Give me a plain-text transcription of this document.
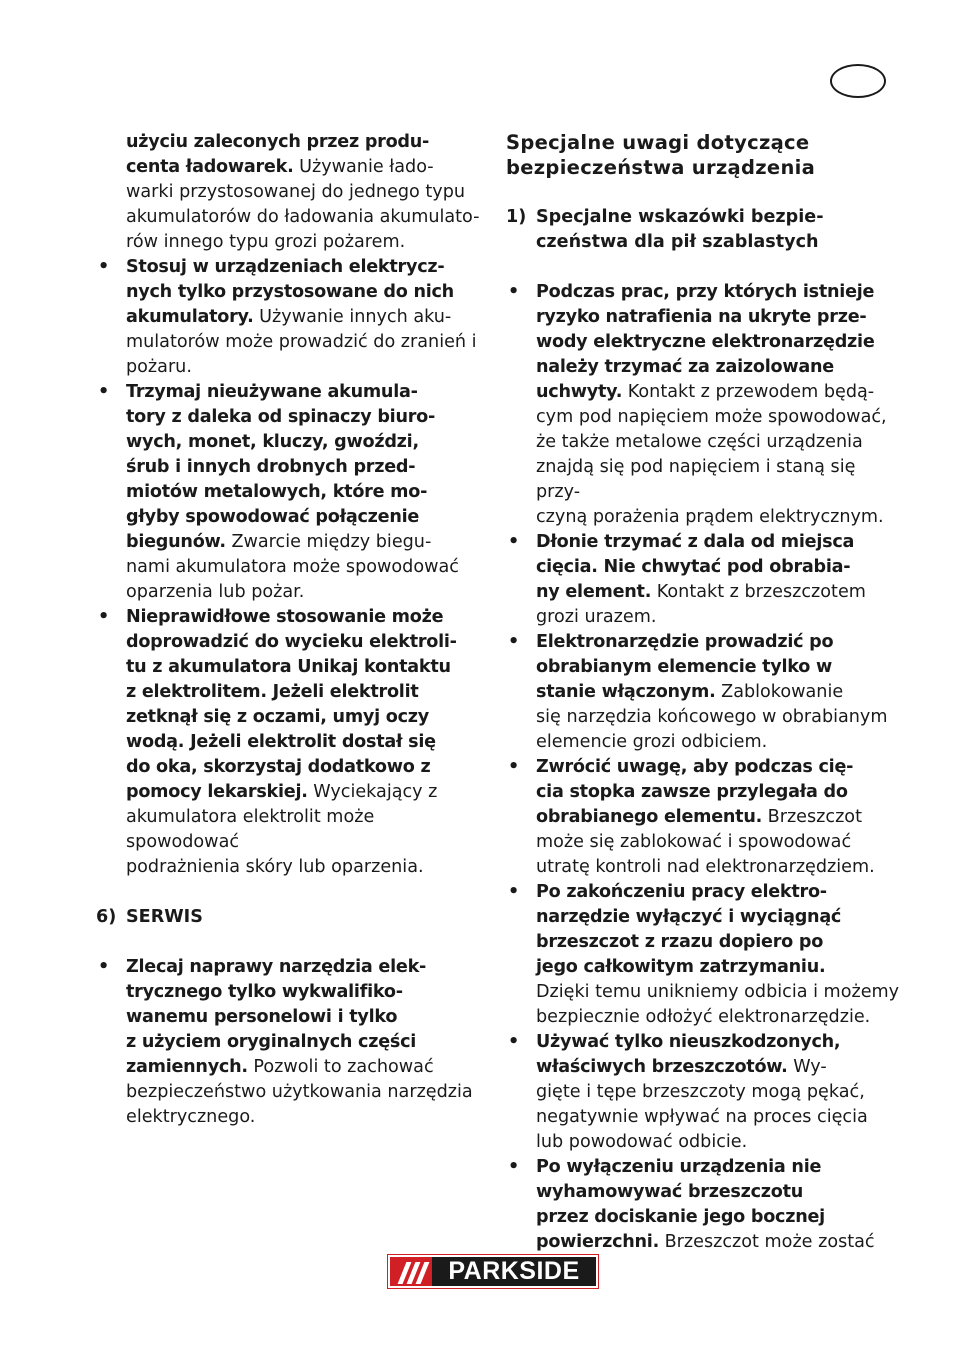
użyciu zaleconych przez produ-
centa ładowarek. Używanie łado-
warki przystosowanej do jednego typu
akumulatorów do ładowania akumulato-
rów innego typu grozi pożarem.
• Stosuj w urządzeniach elektrycz-
nych tylko przystosowane do nich
akumulatory. Używanie innych aku-
mulatorów może prowadzić do zranień i
pożaru.
• Trzymaj nieużywane akumula-
tory z daleka od spinaczy biuro-
wych, monet, kluczy, gwoździ,
śrub i innych drobnych przed-
miotów metalowych, które mo-
głyby spowodować połączenie
biegunów. Zwarcie między biegu-
nami akumulatora może spowodować
oparzenia lub pożar.
• Nieprawidłowe stosowanie może
doprowadzić do wycieku elektroli-
tu z akumulatora Unikaj kontaktu
z elektrolitem. Jeżeli elektrolit
zetknął się z oczami, umyj oczy
wodą. Jeżeli elektrolit dostał się
do oka, skorzystaj dodatkowo z
pomocy lekarskiej. Wyciekający z
akumulatora elektrolit może spowodować
podrażnienia skóry lub oparzenia.
6) SERWIS
• Zlecaj naprawy narzędzia elek-
trycznego tylko wykwalifiko-
wanemu personelowi i tylko
z użyciem oryginalnych części
zamiennych. Pozwoli to zachować
bezpieczeństwo użytkowania narzędzia
elektrycznego.
Specjalne uwagi dotyczące
bezpieczeństwa urządzenia
1) Specjalne wskazówki bezpie-
czeństwa dla pił szablastych
• Podczas prac, przy których istnieje
ryzyko natrafienia na ukryte prze-
wody elektryczne elektronarzędzie
należy trzymać za zaizolowane
uchwyty. Kontakt z przewodem będą-
cym pod napięciem może spowodować,
że także metalowe części urządzenia
znajdą się pod napięciem i staną się przy-
czyną porażenia prądem elektrycznym.
• Dłonie trzymać z dala od miejsca
cięcia. Nie chwytać pod obrabia-
ny element. Kontakt z brzeszczotem
grozi urazem.
• Elektronarzędzie prowadzić po
obrabianym elemencie tylko w
stanie włączonym. Zablokowanie
się narzędzia końcowego w obrabianym
elemencie grozi odbiciem.
• Zwrócić uwagę, aby podczas cię-
cia stopka zawsze przylegała do
obrabianego elementu. Brzeszczot
może się zablokować i spowodować
utratę kontroli nad elektronarzędziem.
• Po zakończeniu pracy elektro-
narzędzie wyłączyć i wyciągnąć
brzeszczot z rzazu dopiero po
jego całkowitym zatrzymaniu.
Dzięki temu unikniemy odbicia i możemy
bezpiecznie odłożyć elektronarzędzie.
• Używać tylko nieuszkodzonych,
właściwych brzeszczotów. Wy-
gięte i tępe brzeszczoty mogą pękać,
negatywnie wpływać na proces cięcia
lub powodować odbicie.
• Po wyłączeniu urządzenia nie
wyhamowywać brzeszczotu
przez dociskanie jego bocznej
powierzchni. Brzeszczot może zostać
PARKSIDE
